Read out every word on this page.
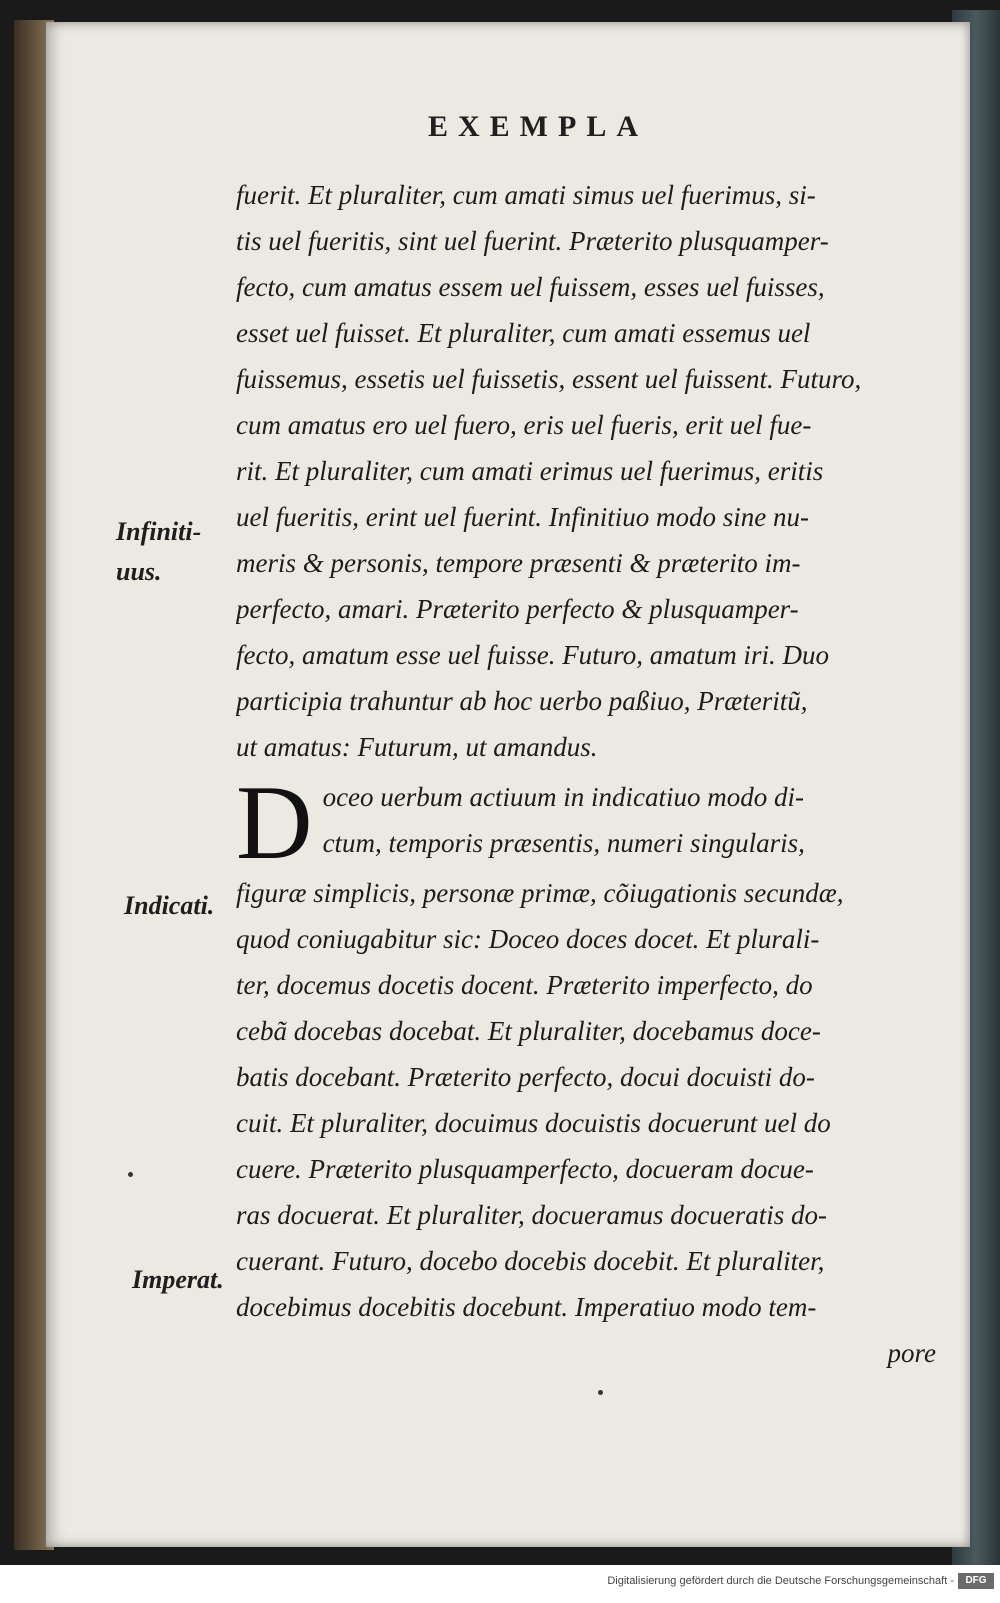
EXEMPLA
fuerit. Et pluraliter, cum amati simus uel fuerimus, si-
tis uel fueritis, sint uel fuerint. Præterito plusquamper-
fecto, cum amatus essem uel fuissem, esses uel fuisses,
esset uel fuisset. Et pluraliter, cum amati essemus uel
fuissemus, essetis uel fuissetis, essent uel fuissent. Futuro,
cum amatus ero uel fuero, eris uel fueris, erit uel fue-
rit. Et pluraliter, cum amati erimus uel fuerimus, eritis
uel fueritis, erint uel fuerint. Infinitiuo modo sine nu-
meris & personis, tempore præsenti & præterito im-
perfecto, amari. Præterito perfecto & plusquamper-
fecto, amatum esse uel fuisse. Futuro, amatum iri. Duo
participia trahuntur ab hoc uerbo paßiuo, Præteritũ,
ut amatus: Futurum, ut amandus.
D oceo uerbum actiuum in indicatiuo modo di-
ctum, temporis præsentis, numeri singularis,
figuræ simplicis, personæ primæ, cõiugationis secundæ,
quod coniugabitur sic: Doceo doces docet. Et plurali-
ter, docemus docetis docent. Præterito imperfecto, do
cebã docebas docebat. Et pluraliter, docebamus doce-
batis docebant. Præterito perfecto, docui docuisti do-
cuit. Et pluraliter, docuimus docuistis docuerunt uel do
cuere. Præterito plusquamperfecto, docueram docue-
ras docuerat. Et pluraliter, docueramus docueratis do-
cuerant. Futuro, docebo docebis docebit. Et pluraliter,
docebimus docebitis docebunt. Imperatiuo modo tem-
pore
Infiniti-
uus.
Indicati.
Imperat.
Digitalisierung gefördert durch die Deutsche Forschungsgemeinschaft -	DFG
